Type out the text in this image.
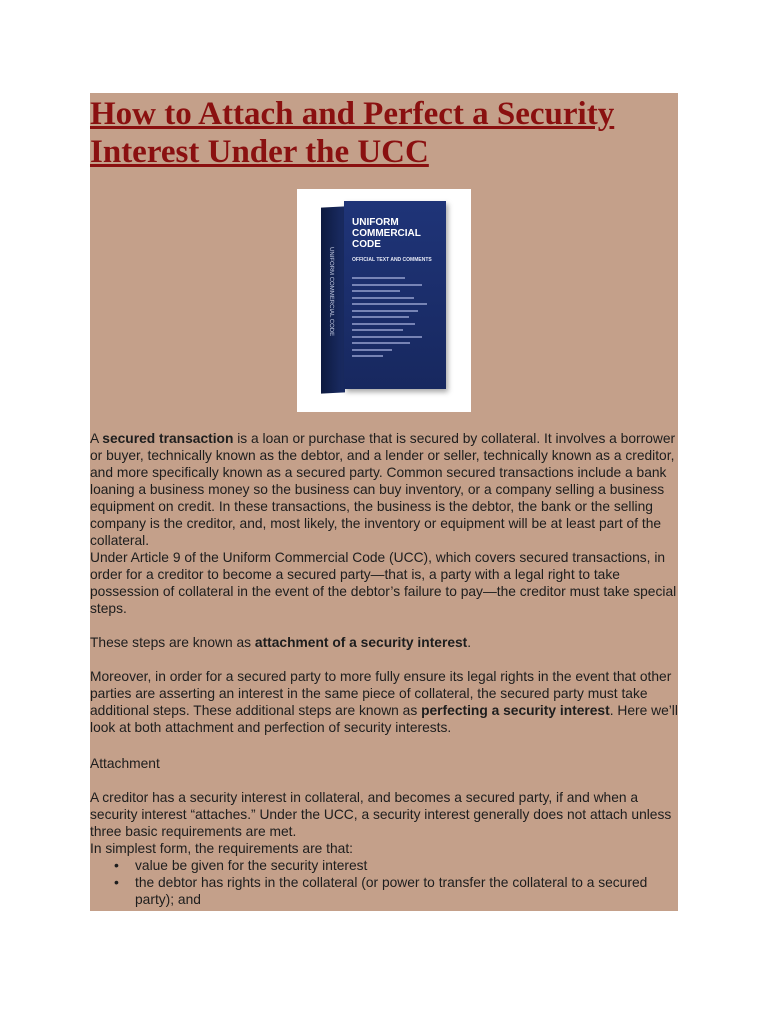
How to Attach and Perfect a Security Interest Under the UCC
UNIFORM COMMERCIAL CODE
UNIFORM COMMERCIAL CODE
OFFICIAL TEXT AND COMMENTS

A secured transaction is a loan or purchase that is secured by collateral. It involves a borrower or buyer, technically known as the debtor, and a lender or seller, technically known as a creditor, and more specifically known as a secured party. Common secured transactions include a bank loaning a business money so the business can buy inventory, or a company selling a business equipment on credit. In these transactions, the business is the debtor, the bank or the selling company is the creditor, and, most likely, the inventory or equipment will be at least part of the collateral.

Under Article 9 of the Uniform Commercial Code (UCC), which covers secured transactions, in order for a creditor to become a secured party—that is, a party with a legal right to take possession of collateral in the event of the debtor’s failure to pay—the creditor must take special steps.

These steps are known as attachment of a security interest.

Moreover, in order for a secured party to more fully ensure its legal rights in the event that other parties are asserting an interest in the same piece of collateral, the secured party must take additional steps. These additional steps are known as perfecting a security interest. Here we’ll look at both attachment and perfection of security interests.

Attachment

A creditor has a security interest in collateral, and becomes a secured party, if and when a security interest “attaches.” Under the UCC, a security interest generally does not attach unless three basic requirements are met.

In simplest form, the requirements are that:

• value be given for the security interest
• the debtor has rights in the collateral (or power to transfer the collateral to a secured party); and
